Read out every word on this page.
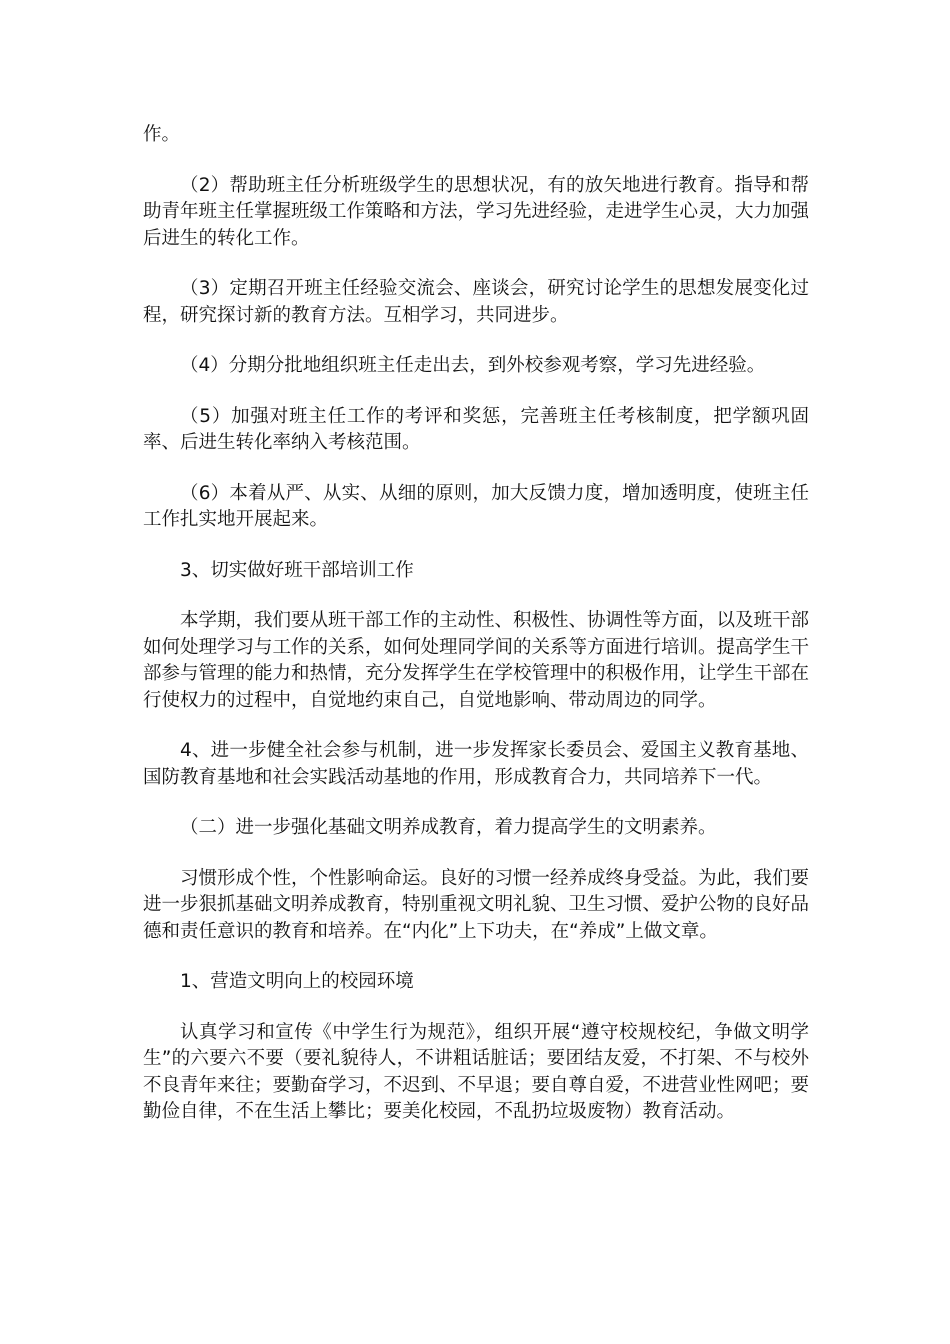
作。

（2）帮助班主任分析班级学生的思想状况，有的放矢地进行教育。指导和帮助青年班主任掌握班级工作策略和方法，学习先进经验，走进学生心灵，大力加强后进生的转化工作。

（3）定期召开班主任经验交流会、座谈会，研究讨论学生的思想发展变化过程，研究探讨新的教育方法。互相学习，共同进步。

（4）分期分批地组织班主任走出去，到外校参观考察，学习先进经验。

（5）加强对班主任工作的考评和奖惩，完善班主任考核制度，把学额巩固率、后进生转化率纳入考核范围。

（6）本着从严、从实、从细的原则，加大反馈力度，增加透明度，使班主任工作扎实地开展起来。

3、切实做好班干部培训工作

本学期，我们要从班干部工作的主动性、积极性、协调性等方面，以及班干部如何处理学习与工作的关系，如何处理同学间的关系等方面进行培训。提高学生干部参与管理的能力和热情，充分发挥学生在学校管理中的积极作用，让学生干部在行使权力的过程中，自觉地约束自己，自觉地影响、带动周边的同学。

4、进一步健全社会参与机制，进一步发挥家长委员会、爱国主义教育基地、国防教育基地和社会实践活动基地的作用，形成教育合力，共同培养下一代。

（二）进一步强化基础文明养成教育，着力提高学生的文明素养。

习惯形成个性，个性影响命运。良好的习惯一经养成终身受益。为此，我们要进一步狠抓基础文明养成教育，特别重视文明礼貌、卫生习惯、爱护公物的良好品德和责任意识的教育和培养。在“内化”上下功夫，在“养成”上做文章。

1、营造文明向上的校园环境

认真学习和宣传《中学生行为规范》，组织开展“遵守校规校纪，争做文明学生”的六要六不要（要礼貌待人，不讲粗话脏话；要团结友爱，不打架、不与校外不良青年来往；要勤奋学习，不迟到、不早退；要自尊自爱，不进营业性网吧；要勤俭自律，不在生活上攀比；要美化校园，不乱扔垃圾废物）教育活动。
